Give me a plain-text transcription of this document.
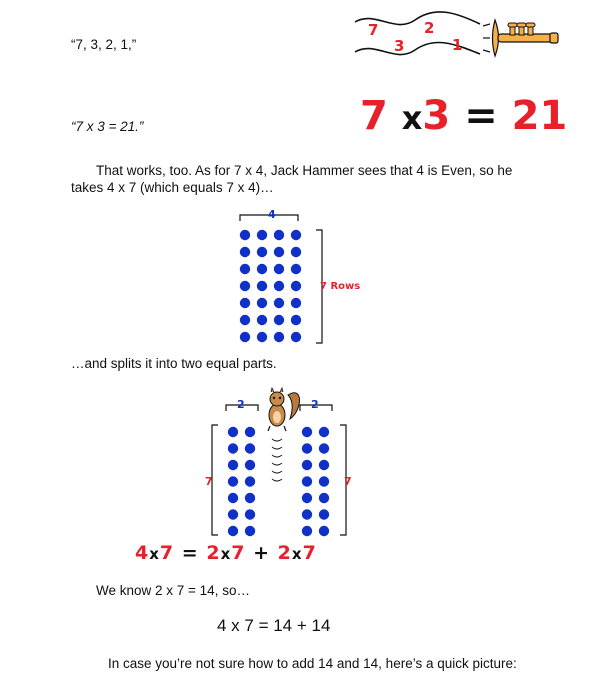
“7, 3, 2, 1,”
7	2
3	1
“7 x 3 = 21.”	7 x3 = 21
That works, too. As for 7 x 4, Jack Hammer sees that 4 is Even, so he takes 4 x 7 (which equals 7 x 4)…
4
7 Rows
…and splits it into two equal parts.
2	2
7	7
4x7 = 2x7 + 2x7
We know 2 x 7 = 14, so…
4 x 7 = 14 + 14
In case you’re not sure how to add 14 and 14, here’s a quick picture:
